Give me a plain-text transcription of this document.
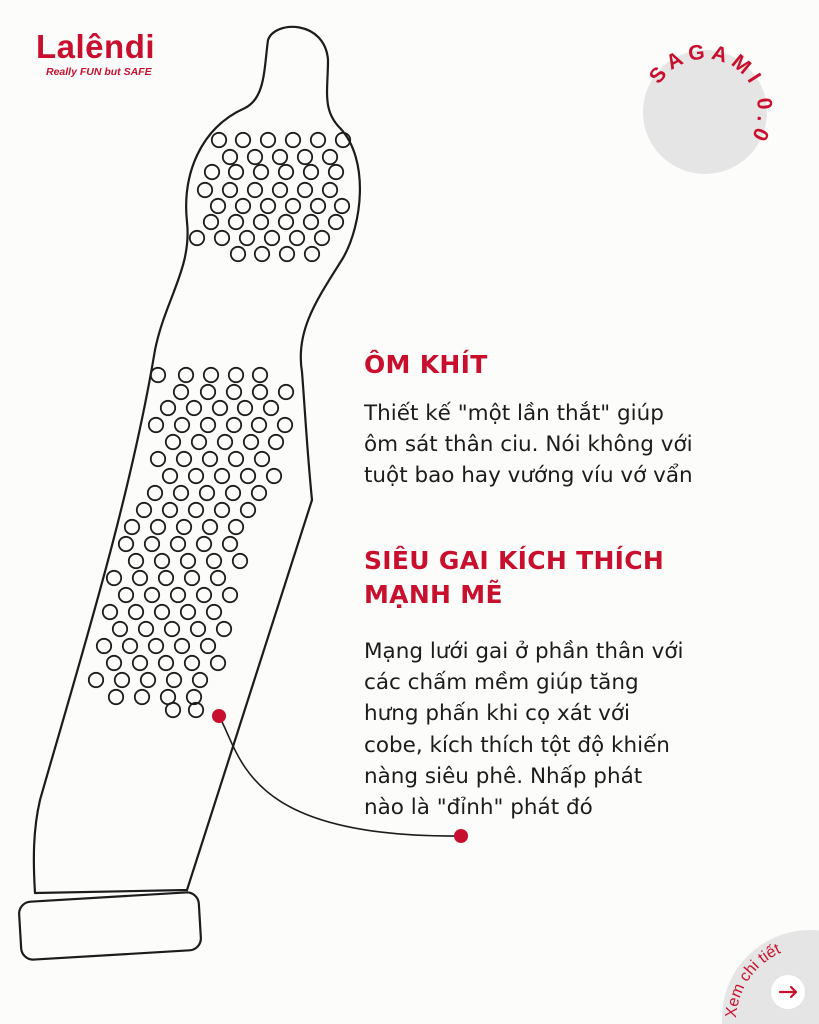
Lalêndi
Really FUN but SAFE	SAGAMI 0.09
ÔM KHÍT

Thiết kế "một lần thắt" giúp
ôm sát thân ciu. Nói không với
tuột bao hay vướng víu vớ vẩn

SIÊU GAI KÍCH THÍCH
MẠNH MẼ

Mạng lưới gai ở phần thân với
các chấm mềm giúp tăng
hưng phấn khi cọ xát với
cobe, kích thích tột độ khiến
nàng siêu phê. Nhấp phát
nào là "đỉnh" phát đó

Xem chi tiết
